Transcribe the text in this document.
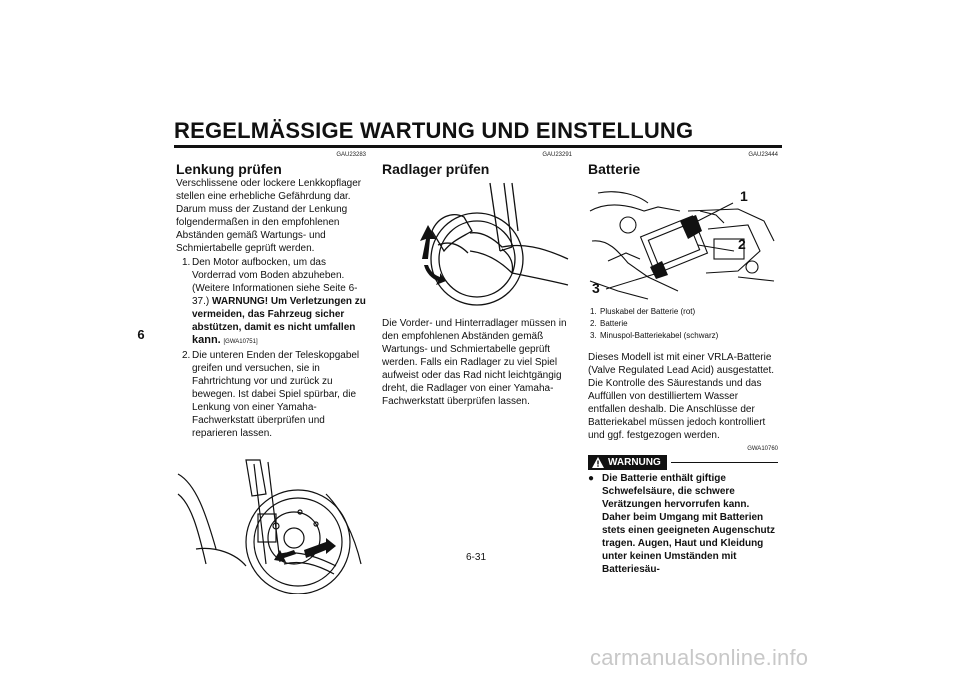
REGELMÄSSIGE WARTUNG UND EINSTELLUNG
6
GAU23283
Lenkung prüfen
Verschlissene oder lockere Lenkkopflager stellen eine erhebliche Gefährdung dar. Darum muss der Zustand der Lenkung folgendermaßen in den empfohlenen Abständen gemäß Wartungs- und Schmiertabelle geprüft werden.
1. Den Motor aufbocken, um das Vorderrad vom Boden abzuheben. (Weitere Informationen siehe Seite 6-37.) WARNUNG! Um Verletzungen zu vermeiden, das Fahrzeug sicher abstützen, damit es nicht umfallen kann. [GWA10751]
2. Die unteren Enden der Teleskopgabel greifen und versuchen, sie in Fahrtrichtung vor und zurück zu bewegen. Ist dabei Spiel spürbar, die Lenkung von einer Yamaha-Fachwerkstatt überprüfen und reparieren lassen.
GAU23291
Radlager prüfen
Die Vorder- und Hinterradlager müssen in den empfohlenen Abständen gemäß Wartungs- und Schmiertabelle geprüft werden. Falls ein Radlager zu viel Spiel aufweist oder das Rad nicht leichtgängig dreht, die Radlager von einer Yamaha-Fachwerkstatt überprüfen lassen.
GAU23444
Batterie
1
2
3
1. Pluskabel der Batterie (rot)
2. Batterie
3. Minuspol-Batteriekabel (schwarz)
Dieses Modell ist mit einer VRLA-Batterie (Valve Regulated Lead Acid) ausgestattet. Die Kontrolle des Säurestands und das Auffüllen von destilliertem Wasser entfallen deshalb. Die Anschlüsse der Batteriekabel müssen jedoch kontrolliert und ggf. festgezogen werden.
GWA10760
WARNUNG
● Die Batterie enthält giftige Schwefelsäure, die schwere Verätzungen hervorrufen kann. Daher beim Umgang mit Batterien stets einen geeigneten Augenschutz tragen. Augen, Haut und Kleidung unter keinen Umständen mit Batteriesäu-
6-31
carmanualsonline.info
